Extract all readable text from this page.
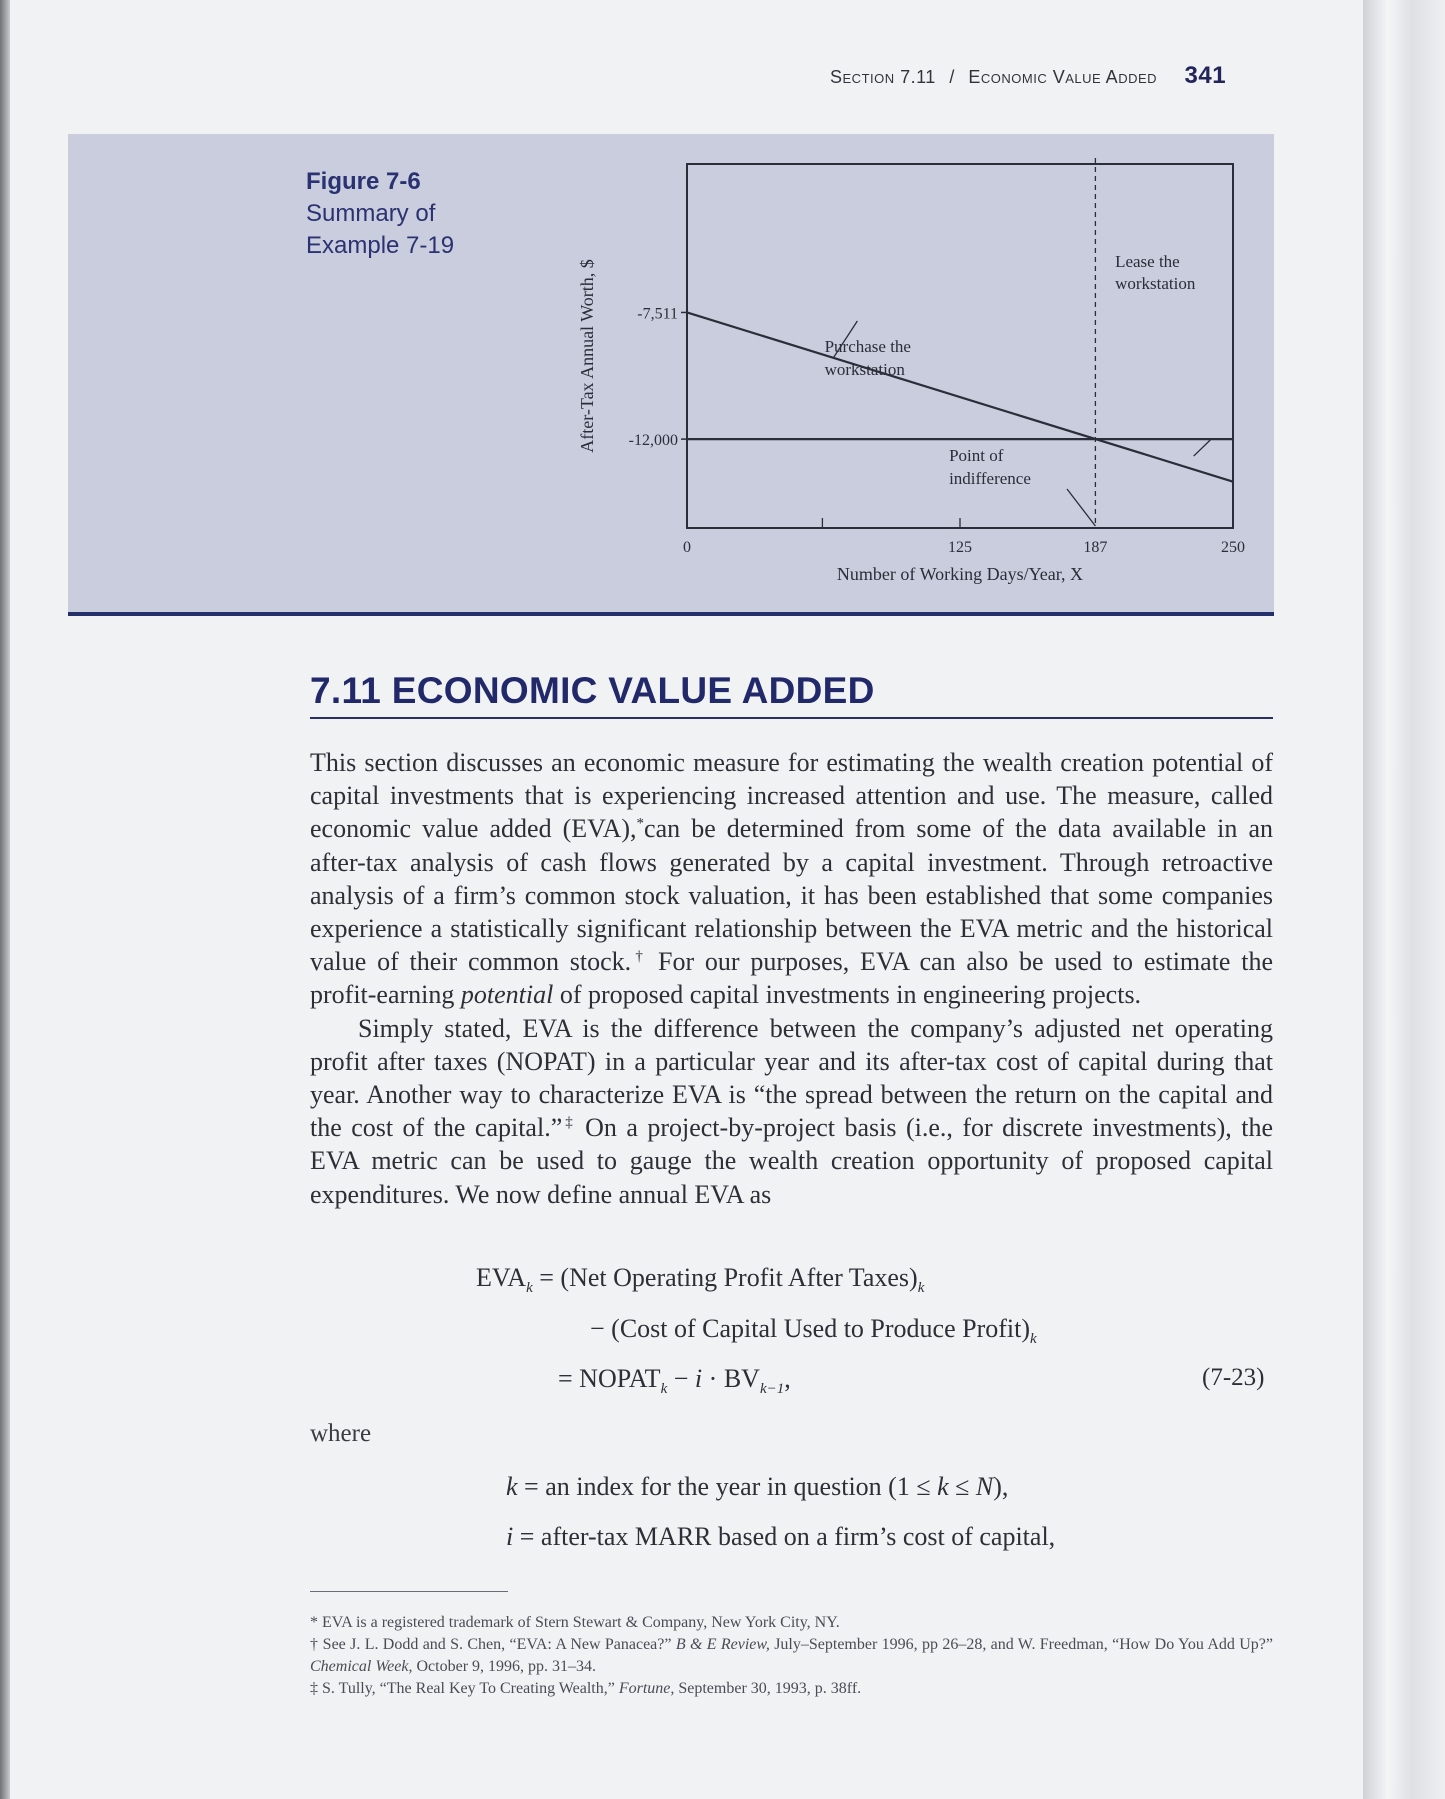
Section 7.11 / Economic Value Added 341
Figure 7-6
Summary of
Example 7-19
-12,000
-7,511
0	125	187	250
Number of Working Days/Year, X
After-Tax Annual Worth, $	Lease the
workstation
Purchase the
workstation
Point of
indifference
7.11 ECONOMIC VALUE ADDED

This section discusses an economic measure for estimating the wealth creation potential of capital investments that is experiencing increased attention and use. The measure, called economic value added (EVA),*can be determined from some of the data available in an after-tax analysis of cash flows generated by a capital investment. Through retroactive analysis of a firm’s common stock valuation, it has been established that some companies experience a statistically significant relationship between the EVA metric and the historical value of their common stock.† For our purposes, EVA can also be used to estimate the profit-earning potential of proposed capital investments in engineering projects.

Simply stated, EVA is the difference between the company’s adjusted net operating profit after taxes (NOPAT) in a particular year and its after-tax cost of capital during that year. Another way to characterize EVA is “the spread between the return on the capital and the cost of the capital.”‡ On a project-by-project basis (i.e., for discrete investments), the EVA metric can be used to gauge the wealth creation opportunity of proposed capital expenditures. We now define annual EVA as

$EVA_k = (Net$ Operating Profit After $Taxes)_k$
− (Cost of Capital Used to Produce $Profit)_k$
= $NOPAT_k - i \cdot BV_{k-1}$,	(7-23)
where
k = an index for the year in question (1 ≤ k ≤ N),
i = after-tax MARR based on a firm’s cost of capital,

* EVA is a registered trademark of Stern Stewart & Company, New York City, NY.

† See J. L. Dodd and S. Chen, “EVA: A New Panacea?” B & E Review, July–September 1996, pp 26–28, and W. Freedman, “How Do You Add Up?” Chemical Week, October 9, 1996, pp. 31–34.

‡ S. Tully, “The Real Key To Creating Wealth,” Fortune, September 30, 1993, p. 38ff.
